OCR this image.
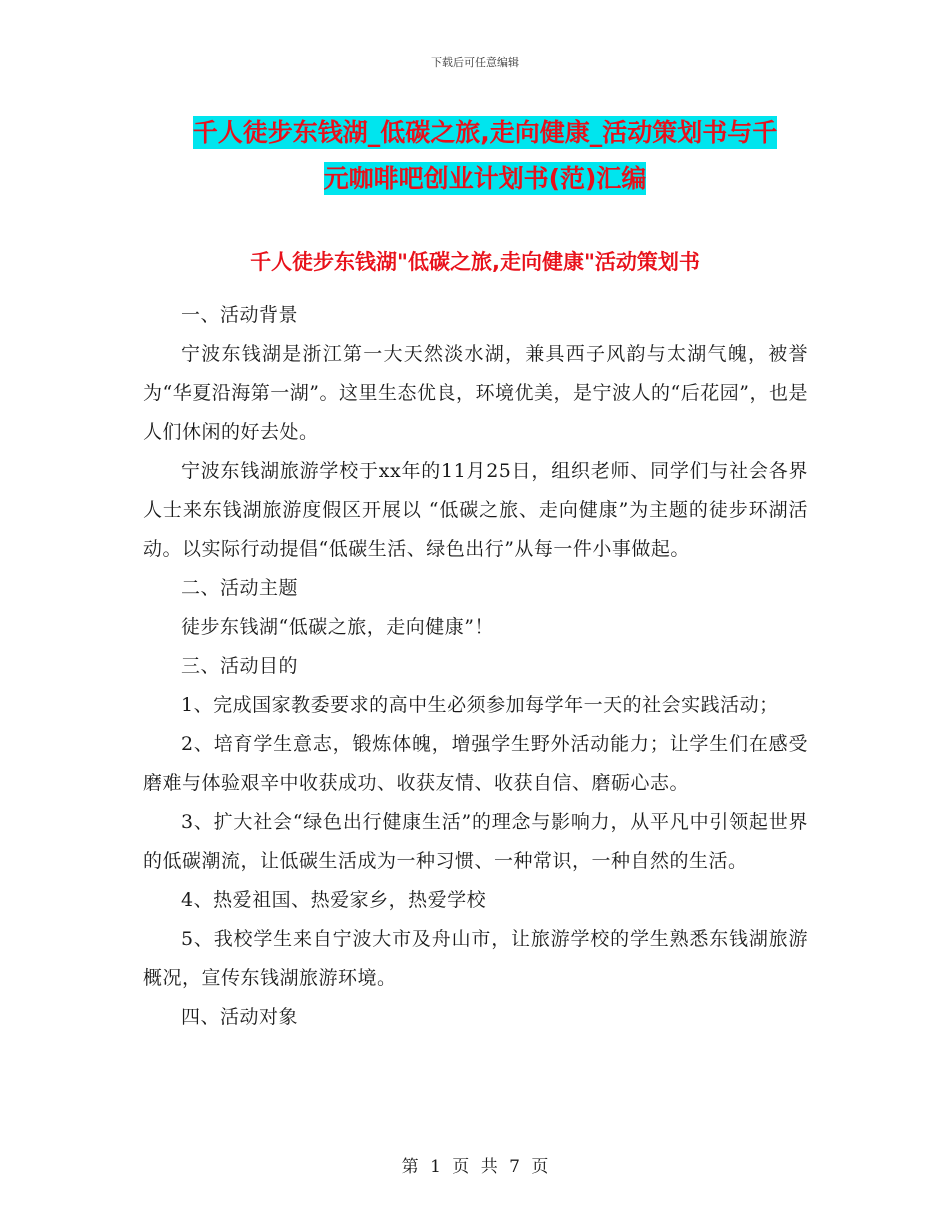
下载后可任意编辑
千人徒步东钱湖_低碳之旅,走向健康_活动策划书与千
元咖啡吧创业计划书(范)汇编
千人徒步东钱湖"低碳之旅,走向健康"活动策划书

一、活动背景

宁波东钱湖是浙江第一大天然淡水湖，兼具西子风韵与太湖气魄，被誉为“华夏沿海第一湖”。这里生态优良，环境优美，是宁波人的“后花园”，也是人们休闲的好去处。

宁波东钱湖旅游学校于xx年的11月25日，组织老师、同学们与社会各界人士来东钱湖旅游度假区开展以 “低碳之旅、走向健康”为主题的徒步环湖活动。以实际行动提倡“低碳生活、绿色出行”从每一件小事做起。

二、活动主题

徒步东钱湖“低碳之旅，走向健康”！

三、活动目的

1、完成国家教委要求的高中生必须参加每学年一天的社会实践活动；

2、培育学生意志，锻炼体魄，增强学生野外活动能力；让学生们在感受磨难与体验艰辛中收获成功、收获友情、收获自信、磨砺心志。

3、扩大社会“绿色出行健康生活”的理念与影响力，从平凡中引领起世界的低碳潮流，让低碳生活成为一种习惯、一种常识，一种自然的生活。

4、热爱祖国、热爱家乡，热爱学校

5、我校学生来自宁波大市及舟山市，让旅游学校的学生熟悉东钱湖旅游概况，宣传东钱湖旅游环境。

四、活动对象

第 1 页 共 7 页
